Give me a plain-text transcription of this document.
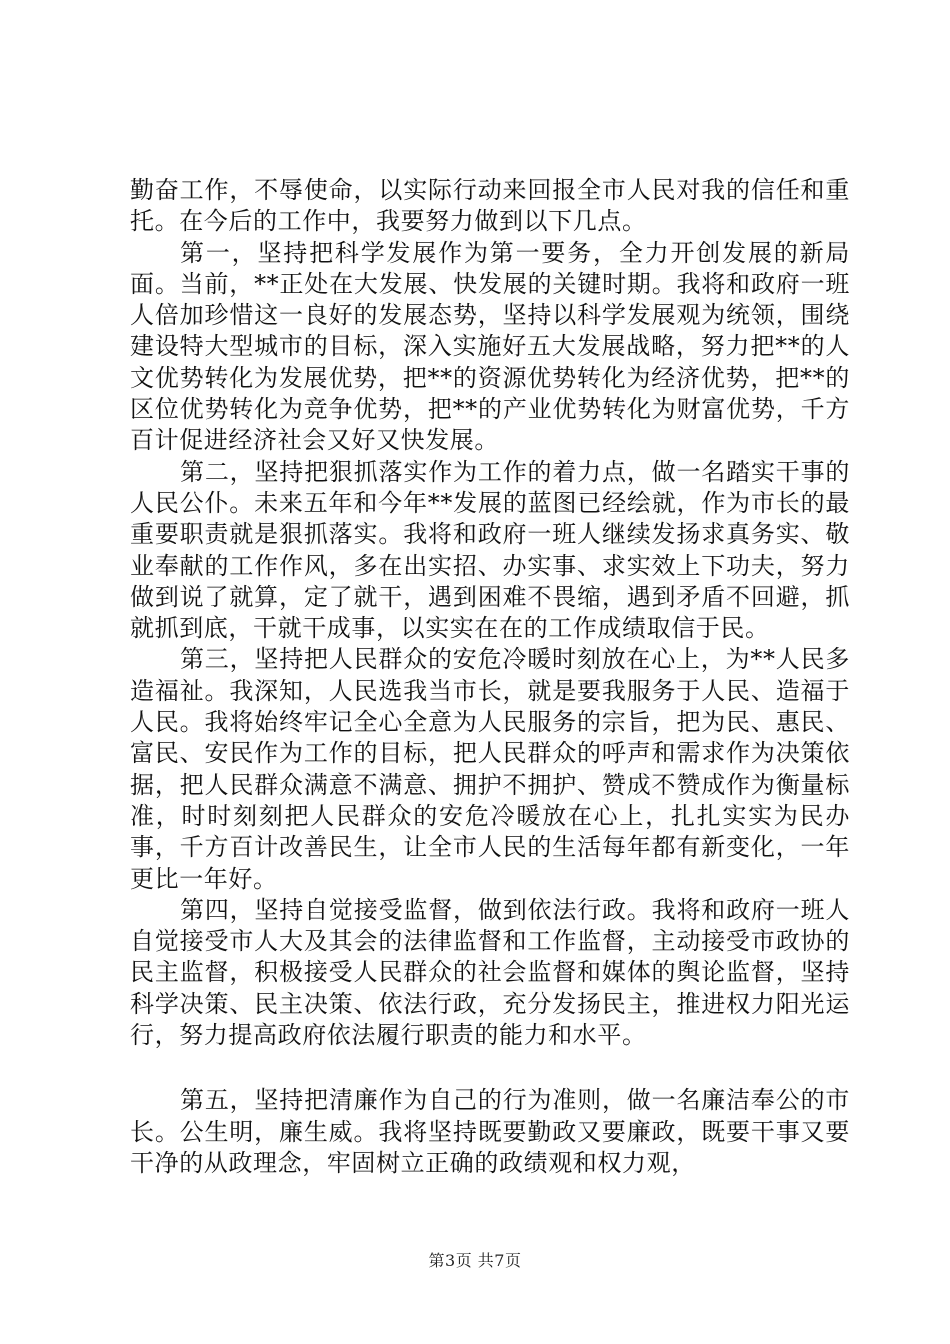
勤奋工作，不辱使命，以实际行动来回报全市人民对我的信任和重托。在今后的工作中，我要努力做到以下几点。

第一，坚持把科学发展作为第一要务，全力开创发展的新局面。当前，**正处在大发展、快发展的关键时期。我将和政府一班人倍加珍惜这一良好的发展态势，坚持以科学发展观为统领，围绕建设特大型城市的目标，深入实施好五大发展战略，努力把**的人文优势转化为发展优势，把**的资源优势转化为经济优势，把**的区位优势转化为竞争优势，把**的产业优势转化为财富优势，千方百计促进经济社会又好又快发展。

第二，坚持把狠抓落实作为工作的着力点，做一名踏实干事的人民公仆。未来五年和今年**发展的蓝图已经绘就，作为市长的最重要职责就是狠抓落实。我将和政府一班人继续发扬求真务实、敬业奉献的工作作风，多在出实招、办实事、求实效上下功夫，努力做到说了就算，定了就干，遇到困难不畏缩，遇到矛盾不回避，抓就抓到底，干就干成事，以实实在在的工作成绩取信于民。

第三，坚持把人民群众的安危冷暖时刻放在心上，为**人民多造福祉。我深知，人民选我当市长，就是要我服务于人民、造福于人民。我将始终牢记全心全意为人民服务的宗旨，把为民、惠民、富民、安民作为工作的目标，把人民群众的呼声和需求作为决策依据，把人民群众满意不满意、拥护不拥护、赞成不赞成作为衡量标准，时时刻刻把人民群众的安危冷暖放在心上，扎扎实实为民办事，千方百计改善民生，让全市人民的生活每年都有新变化，一年更比一年好。

第四，坚持自觉接受监督，做到依法行政。我将和政府一班人自觉接受市人大及其会的法律监督和工作监督，主动接受市政协的民主监督，积极接受人民群众的社会监督和媒体的舆论监督，坚持科学决策、民主决策、依法行政，充分发扬民主，推进权力阳光运行，努力提高政府依法履行职责的能力和水平。

第五，坚持把清廉作为自己的行为准则，做一名廉洁奉公的市长。公生明，廉生威。我将坚持既要勤政又要廉政，既要干事又要干净的从政理念，牢固树立正确的政绩观和权力观，

第3页 共7页
